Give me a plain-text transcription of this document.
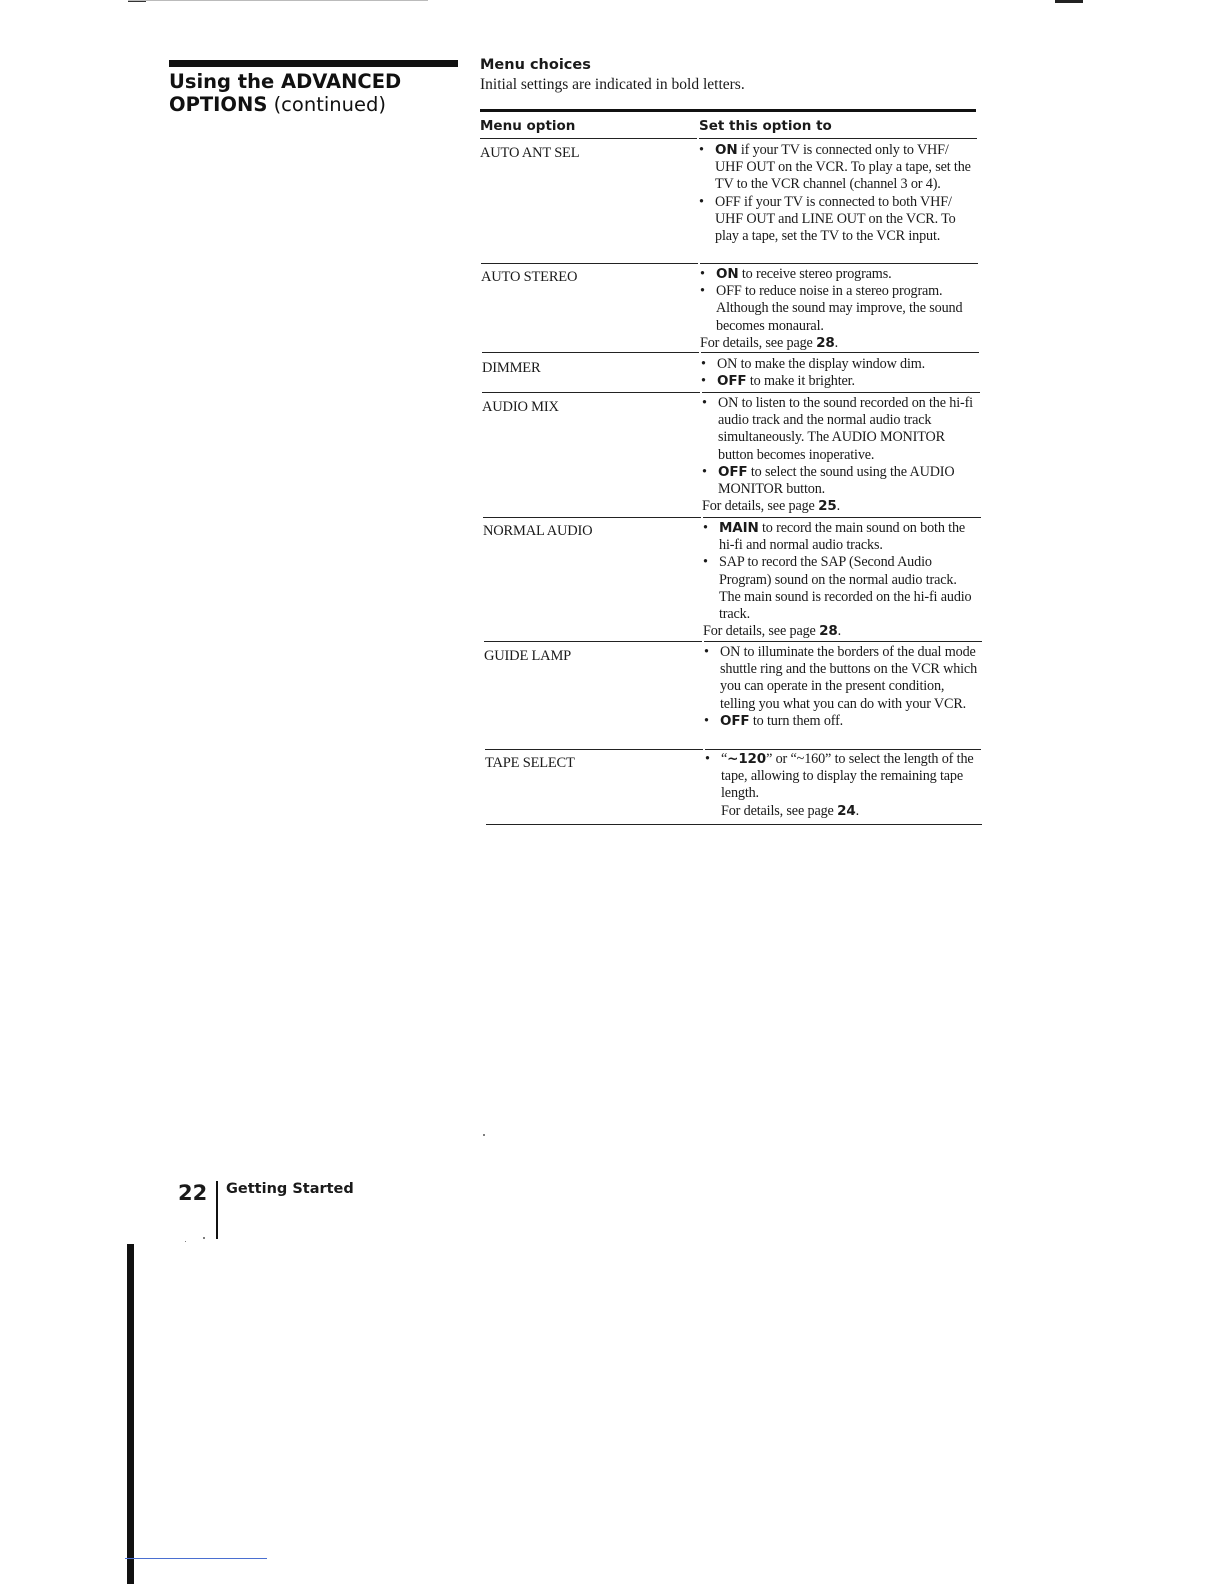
Using the ADVANCED OPTIONS (continued)
Menu choices
Initial settings are indicated in bold letters.
Menu option	Set this option to
AUTO ANT SEL	• ON if your TV is connected only to VHF/ UHF OUT on the VCR. To play a tape, set the TV to the VCR channel (channel 3 or 4).
• OFF if your TV is connected to both VHF/ UHF OUT and LINE OUT on the VCR. To play a tape, set the TV to the VCR input.
AUTO STEREO	• ON to receive stereo programs.
• OFF to reduce noise in a stereo program. Although the sound may improve, the sound becomes monaural.
For details, see page 28.
DIMMER	• ON to make the display window dim.
• OFF to make it brighter.
AUDIO MIX	• ON to listen to the sound recorded on the hi-fi audio track and the normal audio track simultaneously. The AUDIO MONITOR button becomes inoperative.
• OFF to select the sound using the AUDIO MONITOR button.
For details, see page 25.
NORMAL AUDIO	• MAIN to record the main sound on both the hi-fi and normal audio tracks.
• SAP to record the SAP (Second Audio Program) sound on the normal audio track. The main sound is recorded on the hi-fi audio track.
For details, see page 28.
GUIDE LAMP	• ON to illuminate the borders of the dual mode shuttle ring and the buttons on the VCR which you can operate in the present condition, telling you what you can do with your VCR.
• OFF to turn them off.
TAPE SELECT	• “~120” or “~160” to select the length of the tape, allowing to display the remaining tape length.
For details, see page 24.
22 Getting Started
